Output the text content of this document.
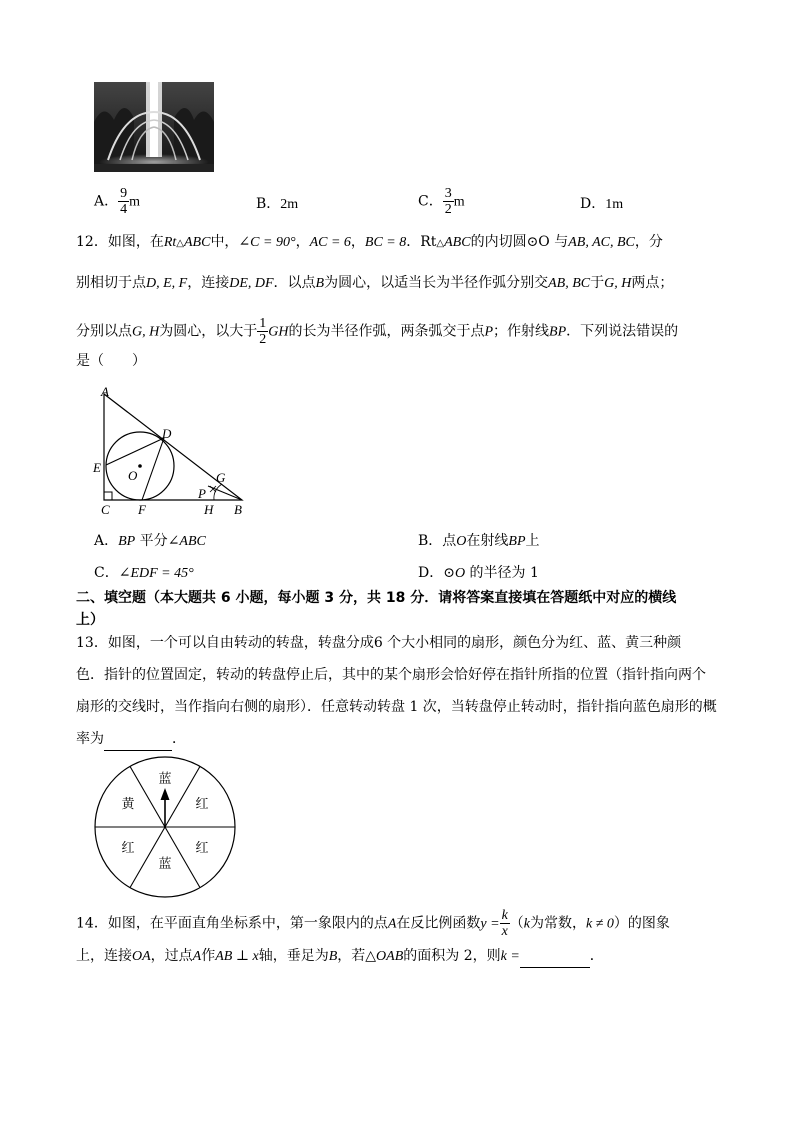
A． $\frac{9}{4}$ m	B．2m	C． $\frac{3}{2}$ m	D．1m
12．如图，在Rt△ABC中，∠C = 90°，AC = 6，BC = 8．Rt△ABC的内切圆⊙O 与AB, AC, BC，分
别相切于点D, E, F，连接DE, DF．以点B为圆心，以适当长为半径作弧分别交AB, BC于G, H两点；
分别以点G, H为圆心，以大于 $\frac{1}{2}$ GH的长为半径作弧，两条弧交于点P；作射线BP．下列说法错误的
是（　　）
A
D
E
O
C F
G
P
H B
A．BP 平分∠ABC	B．点O在射线BP上
C．∠EDF = 45°	D．⊙O 的半径为 1
二、填空题（本大题共 6 小题，每小题 3 分，共 18 分．请将答案直接填在答题纸中对应的横线
上）
13．如图，一个可以自由转动的转盘，转盘分成6 个大小相同的扇形，颜色分为红、蓝、黄三种颜
色．指针的位置固定，转动的转盘停止后，其中的某个扇形会恰好停在指针所指的位置（指针指向两个
扇形的交线时，当作指向右侧的扇形）．任意转动转盘 1 次，当转盘停止转动时，指针指向蓝色扇形的概
率为	．
蓝
红
红
蓝
红
黄
14．如图，在平面直角坐标系中，第一象限内的点A在反比例函数$y = \frac{k}{x} (k$为常数，k ≠ 0）的图象
上，连接OA，过点A作AB ⊥ x轴，垂足为B，若△OAB的面积为 2，则k =	．
